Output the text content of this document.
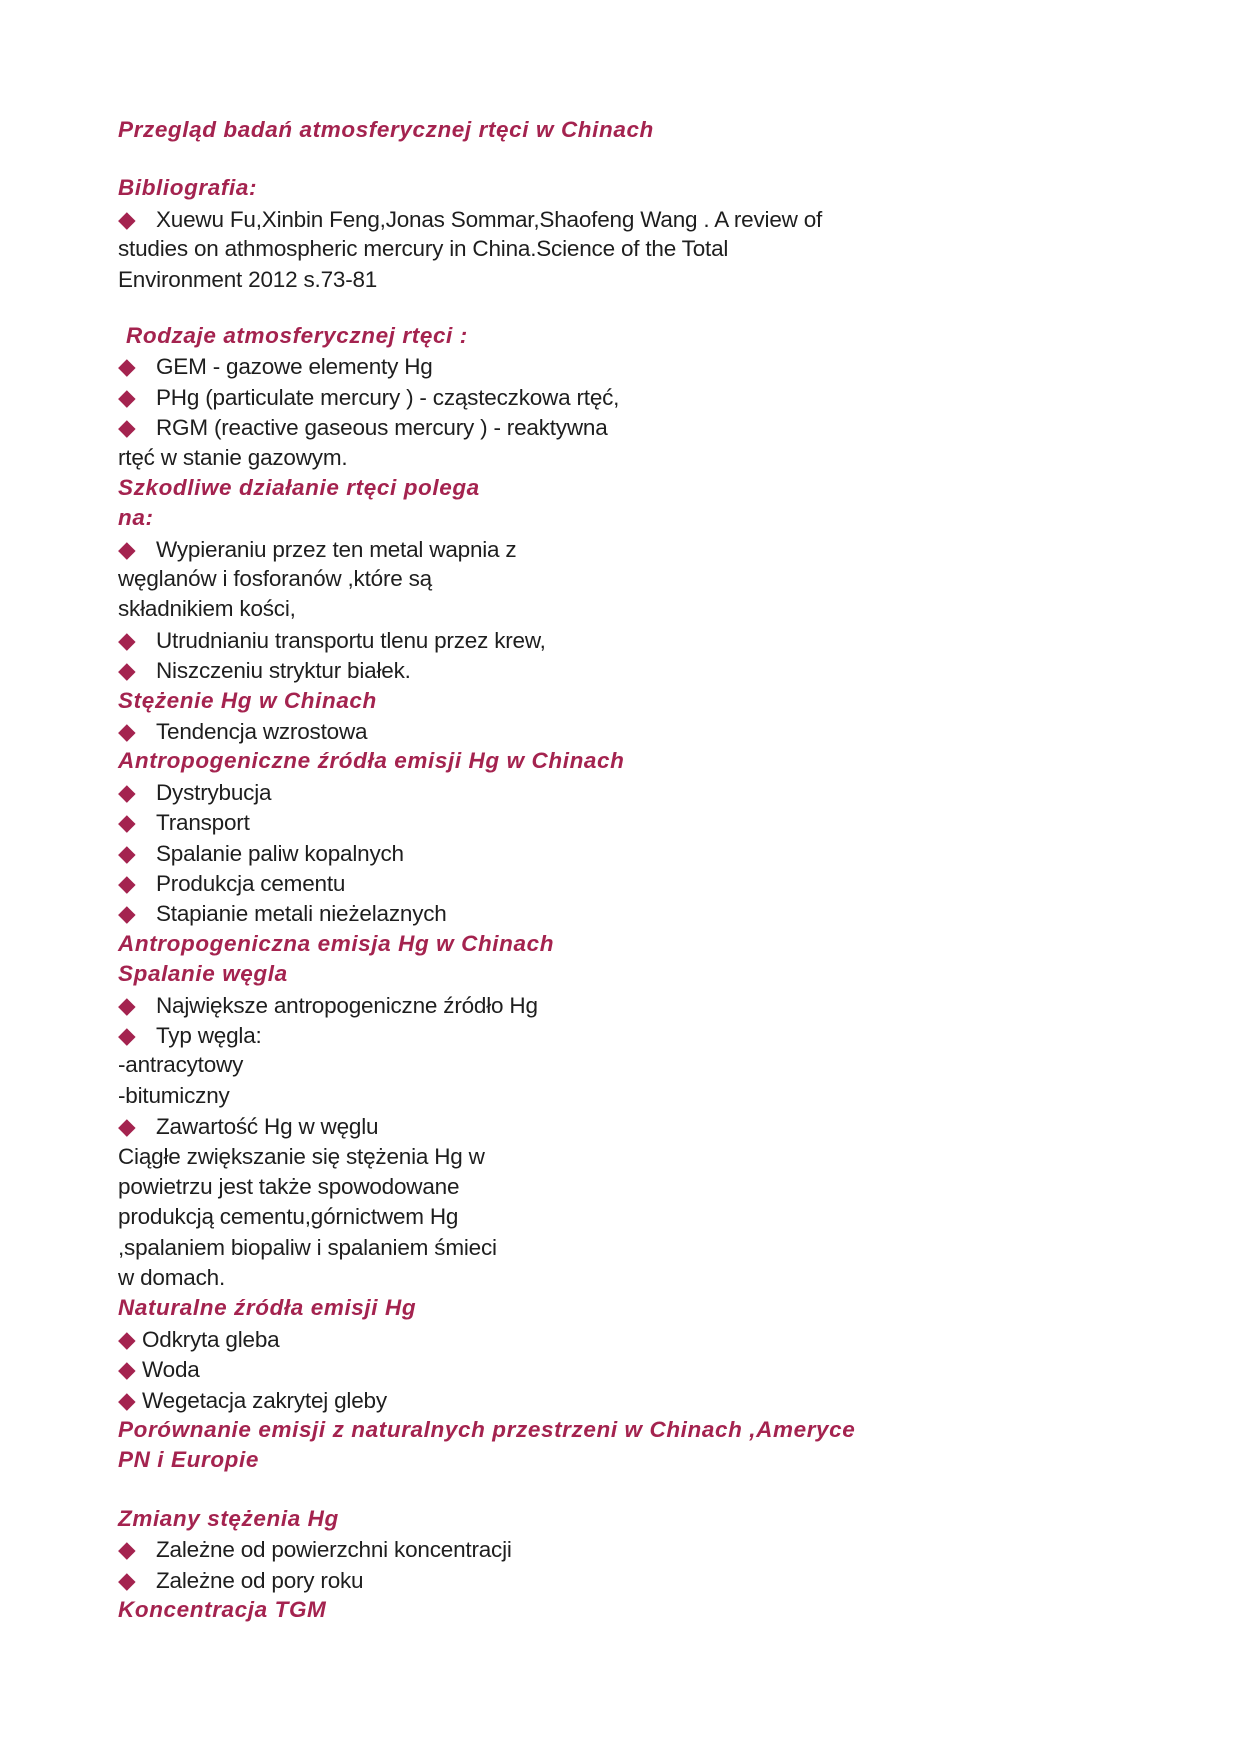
Przegląd badań atmosferycznej rtęci w Chinach
Bibliografia:
◆ Xuewu Fu,Xinbin Feng,Jonas Sommar,Shaofeng Wang . A review of
studies on athmospheric mercury in China.Science of the Total
Environment 2012 s.73-81
Rodzaje atmosferycznej rtęci :
◆ GEM - gazowe elementy Hg
◆ PHg (particulate mercury ) - cząsteczkowa rtęć,
◆ RGM (reactive gaseous mercury ) - reaktywna
rtęć w stanie gazowym.
Szkodliwe działanie rtęci polega
na:
◆ Wypieraniu przez ten metal wapnia z
węglanów i fosforanów ,które są
składnikiem kości,
◆ Utrudnianiu transportu tlenu przez krew,
◆ Niszczeniu stryktur białek.
Stężenie Hg w Chinach
◆ Tendencja wzrostowa
Antropogeniczne źródła emisji Hg w Chinach
◆ Dystrybucja
◆ Transport
◆ Spalanie paliw kopalnych
◆ Produkcja cementu
◆ Stapianie metali nieżelaznych
Antropogeniczna emisja Hg w Chinach
Spalanie węgla
◆ Największe antropogeniczne źródło Hg
◆ Typ węgla:
-antracytowy
-bitumiczny
◆ Zawartość Hg w węglu
Ciągłe zwiększanie się stężenia Hg w
powietrzu jest także spowodowane
produkcją cementu,górnictwem Hg
,spalaniem biopaliw i spalaniem śmieci
w domach.
Naturalne źródła emisji Hg
◆ Odkryta gleba
◆ Woda
◆ Wegetacja zakrytej gleby
Porównanie emisji z naturalnych przestrzeni w Chinach ,Ameryce
PN i Europie
Zmiany stężenia Hg
◆ Zależne od powierzchni koncentracji
◆ Zależne od pory roku
Koncentracja TGM
